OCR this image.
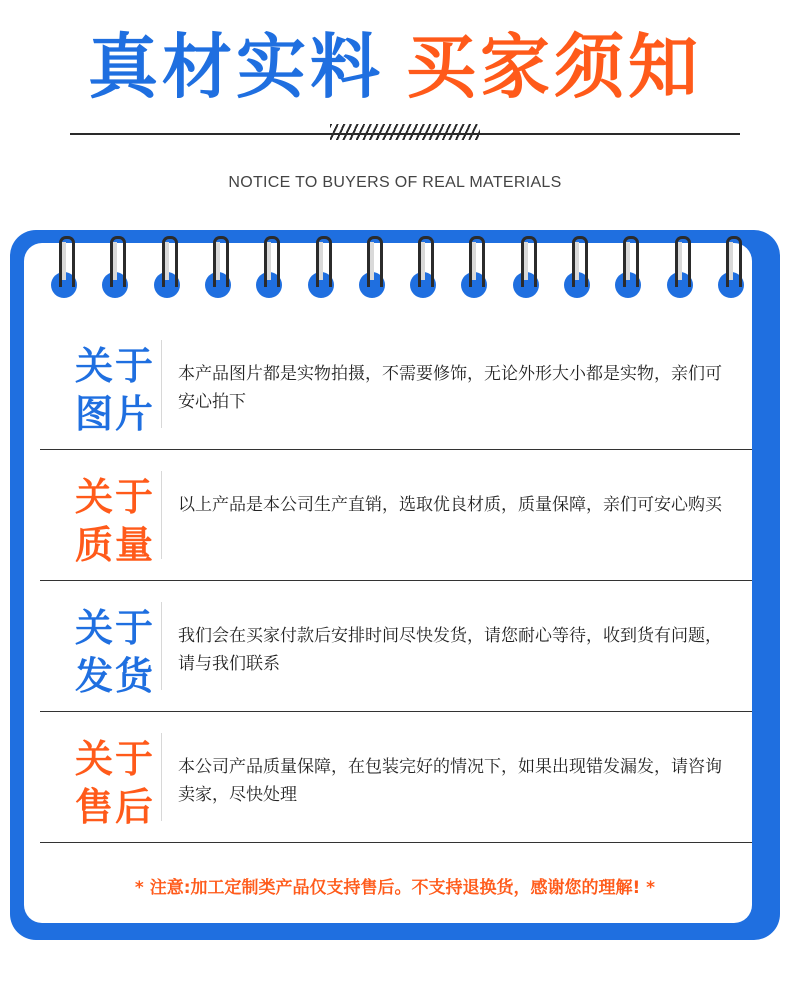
真材实料 买家须知
NOTICE TO BUYERS OF REAL MATERIALS
关于
图片
本产品图片都是实物拍摄，不需要修饰，无论外形大小都是实物，亲们可安心拍下
关于
质量
以上产品是本公司生产直销，选取优良材质，质量保障，亲们可安心购买
关于
发货
我们会在买家付款后安排时间尽快发货，请您耐心等待，收到货有问题，请与我们联系
关于
售后
本公司产品质量保障，在包装完好的情况下，如果出现错发漏发，请咨询卖家，尽快处理
* 注意:加工定制类产品仅支持售后。不支持退换货，感谢您的理解! *
